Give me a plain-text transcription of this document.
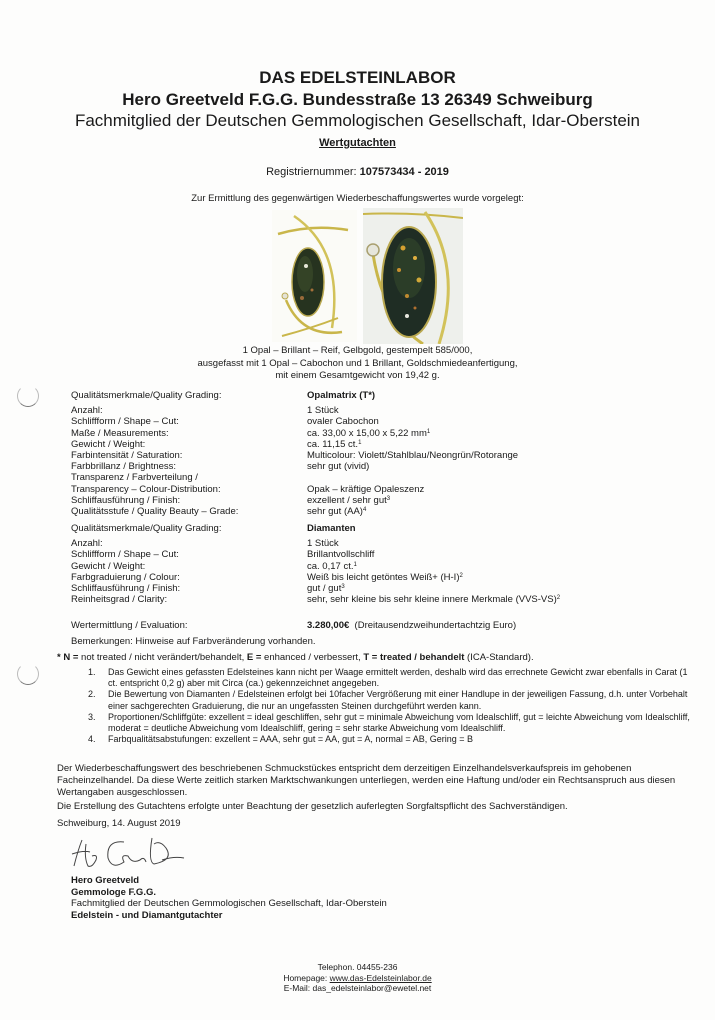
DAS EDELSTEINLABOR
Hero Greetveld F.G.G. Bundesstraße 13 26349 Schweiburg
Fachmitglied der Deutschen Gemmologischen Gesellschaft, Idar-Oberstein
Wertgutachten
Registriernummer: 107573434 - 2019
Zur Ermittlung des gegenwärtigen Wiederbeschaffungswertes wurde vorgelegt:
1 Opal – Brillant – Reif, Gelbgold, gestempelt 585/000,
ausgefasst mit 1 Opal – Cabochon und 1 Brillant, Goldschmiedeanfertigung,
mit einem Gesamtgewicht von 19,42 g.
Qualitätsmerkmale/Quality Grading:	Opalmatrix (T*)
Anzahl:	1 Stück
Schliffform / Shape – Cut:	ovaler Cabochon
Maße / Measurements:	ca. 33,00 x 15,00 x 5,22 $mm^1$
Gewicht / Weight:	ca. 11,15 ct.$^1$
Farbintensität / Saturation:	Multicolour: Violett/Stahlblau/Neongrün/Rotorange
Farbbrillanz / Brightness:	sehr gut (vivid)
Transparenz / Farbverteilung /
Transparency – Colour-Distribution:	Opak – kräftige Opaleszenz
Schliffausführung / Finish:	exzellent / sehr gut$^3$
Qualitätsstufe / Quality Beauty – Grade:	sehr gut (AA)$^4$
Qualitätsmerkmale/Quality Grading:	Diamanten
Anzahl:	1 Stück
Schliffform / Shape – Cut:	Brillantvollschliff
Gewicht / Weight:	ca. 0,17 ct.$^1$
Farbgraduierung / Colour:	Weiß bis leicht getöntes Weiß+ $(H-I)^2$
Schliffausführung / Finish:	gut / gut$^3$
Reinheitsgrad / Clarity:	sehr, sehr kleine bis sehr kleine innere Merkmale $(VVS-VS)^2$
Wertermittlung / Evaluation:	3.280,00€ (Dreitausendzweihundertachtzig Euro)
Bemerkungen: Hinweise auf Farbveränderung vorhanden.
* N = not treated / nicht verändert/behandelt, E = enhanced / verbessert, T = treated / behandelt (ICA-Standard).
1.	Das Gewicht eines gefassten Edelsteines kann nicht per Waage ermittelt werden, deshalb wird das errechnete Gewicht zwar ebenfalls in Carat (1 ct. entspricht 0,2 g) aber mit Circa (ca.) gekennzeichnet angegeben.
2.	Die Bewertung von Diamanten / Edelsteinen erfolgt bei 10facher Vergrößerung mit einer Handlupe in der jeweiligen Fassung, d.h. unter Vorbehalt einer sachgerechten Graduierung, die nur an ungefassten Steinen durchgeführt werden kann.
3.	Proportionen/Schliffgüte: exzellent = ideal geschliffen, sehr gut = minimale Abweichung vom Idealschliff, gut = leichte Abweichung vom Idealschliff, moderat = deutliche Abweichung vom Idealschliff, gering = sehr starke Abweichung vom Idealschliff.
4.	Farbqualitätsabstufungen: exzellent = AAA, sehr gut = AA, gut = A, normal = AB, Gering = B
Der Wiederbeschaffungswert des beschriebenen Schmuckstückes entspricht dem derzeitigen Einzelhandelsverkaufspreis im gehobenen Facheinzelhandel. Da diese Werte zeitlich starken Marktschwankungen unterliegen, werden eine Haftung und/oder ein Rechtsanspruch aus diesen Wertangaben ausgeschlossen.
Die Erstellung des Gutachtens erfolgte unter Beachtung der gesetzlich auferlegten Sorgfaltspflicht des Sachverständigen.
Schweiburg, 14. August 2019
Hero Greetveld
Gemmologe F.G.G.
Fachmitglied der Deutschen Gemmologischen Gesellschaft, Idar-Oberstein
Edelstein - und Diamantgutachter
Telephon. 04455-236
Homepage: www.das-Edelsteinlabor.de
E-Mail: das_edelsteinlabor@ewetel.net
